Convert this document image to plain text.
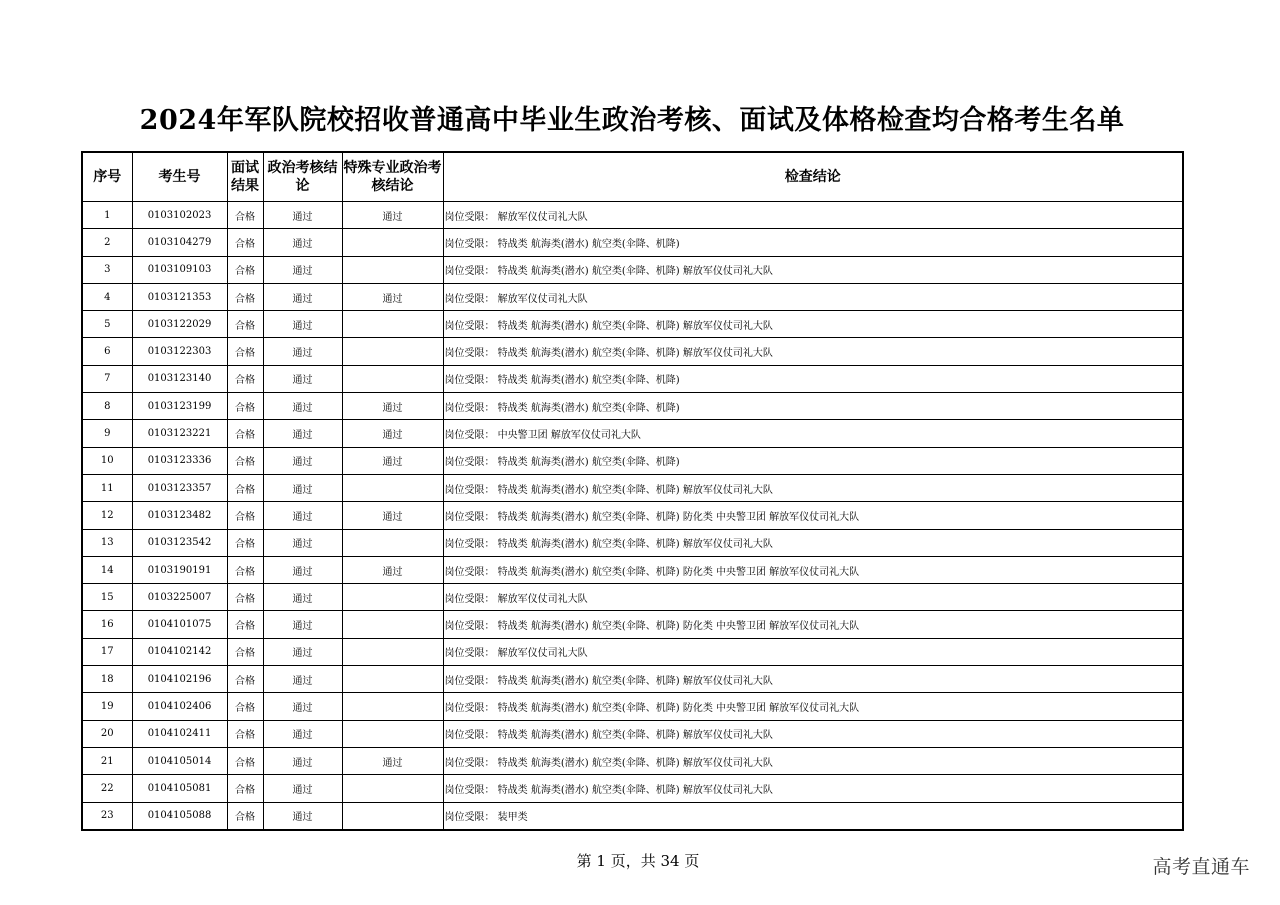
2024年军队院校招收普通高中毕业生政治考核、面试及体格检查均合格考生名单
序号	考生号	面试结果	政治考核结论	特殊专业政治考核结论	检查结论
1	0103102023	合格	通过	通过	岗位受限： 解放军仪仗司礼大队
2	0103104279	合格	通过		岗位受限： 特战类 航海类(潜水) 航空类(伞降、机降)
3	0103109103	合格	通过		岗位受限： 特战类 航海类(潜水) 航空类(伞降、机降) 解放军仪仗司礼大队
4	0103121353	合格	通过	通过	岗位受限： 解放军仪仗司礼大队
5	0103122029	合格	通过		岗位受限： 特战类 航海类(潜水) 航空类(伞降、机降) 解放军仪仗司礼大队
6	0103122303	合格	通过		岗位受限： 特战类 航海类(潜水) 航空类(伞降、机降) 解放军仪仗司礼大队
7	0103123140	合格	通过		岗位受限： 特战类 航海类(潜水) 航空类(伞降、机降)
8	0103123199	合格	通过	通过	岗位受限： 特战类 航海类(潜水) 航空类(伞降、机降)
9	0103123221	合格	通过	通过	岗位受限： 中央警卫团 解放军仪仗司礼大队
10	0103123336	合格	通过	通过	岗位受限： 特战类 航海类(潜水) 航空类(伞降、机降)
11	0103123357	合格	通过		岗位受限： 特战类 航海类(潜水) 航空类(伞降、机降) 解放军仪仗司礼大队
12	0103123482	合格	通过	通过	岗位受限： 特战类 航海类(潜水) 航空类(伞降、机降) 防化类 中央警卫团 解放军仪仗司礼大队
13	0103123542	合格	通过		岗位受限： 特战类 航海类(潜水) 航空类(伞降、机降) 解放军仪仗司礼大队
14	0103190191	合格	通过	通过	岗位受限： 特战类 航海类(潜水) 航空类(伞降、机降) 防化类 中央警卫团 解放军仪仗司礼大队
15	0103225007	合格	通过		岗位受限： 解放军仪仗司礼大队
16	0104101075	合格	通过		岗位受限： 特战类 航海类(潜水) 航空类(伞降、机降) 防化类 中央警卫团 解放军仪仗司礼大队
17	0104102142	合格	通过		岗位受限： 解放军仪仗司礼大队
18	0104102196	合格	通过		岗位受限： 特战类 航海类(潜水) 航空类(伞降、机降) 解放军仪仗司礼大队
19	0104102406	合格	通过		岗位受限： 特战类 航海类(潜水) 航空类(伞降、机降) 防化类 中央警卫团 解放军仪仗司礼大队
20	0104102411	合格	通过		岗位受限： 特战类 航海类(潜水) 航空类(伞降、机降) 解放军仪仗司礼大队
21	0104105014	合格	通过	通过	岗位受限： 特战类 航海类(潜水) 航空类(伞降、机降) 解放军仪仗司礼大队
22	0104105081	合格	通过		岗位受限： 特战类 航海类(潜水) 航空类(伞降、机降) 解放军仪仗司礼大队
23	0104105088	合格	通过		岗位受限： 装甲类
第 1 页，共 34 页	高考直通车
